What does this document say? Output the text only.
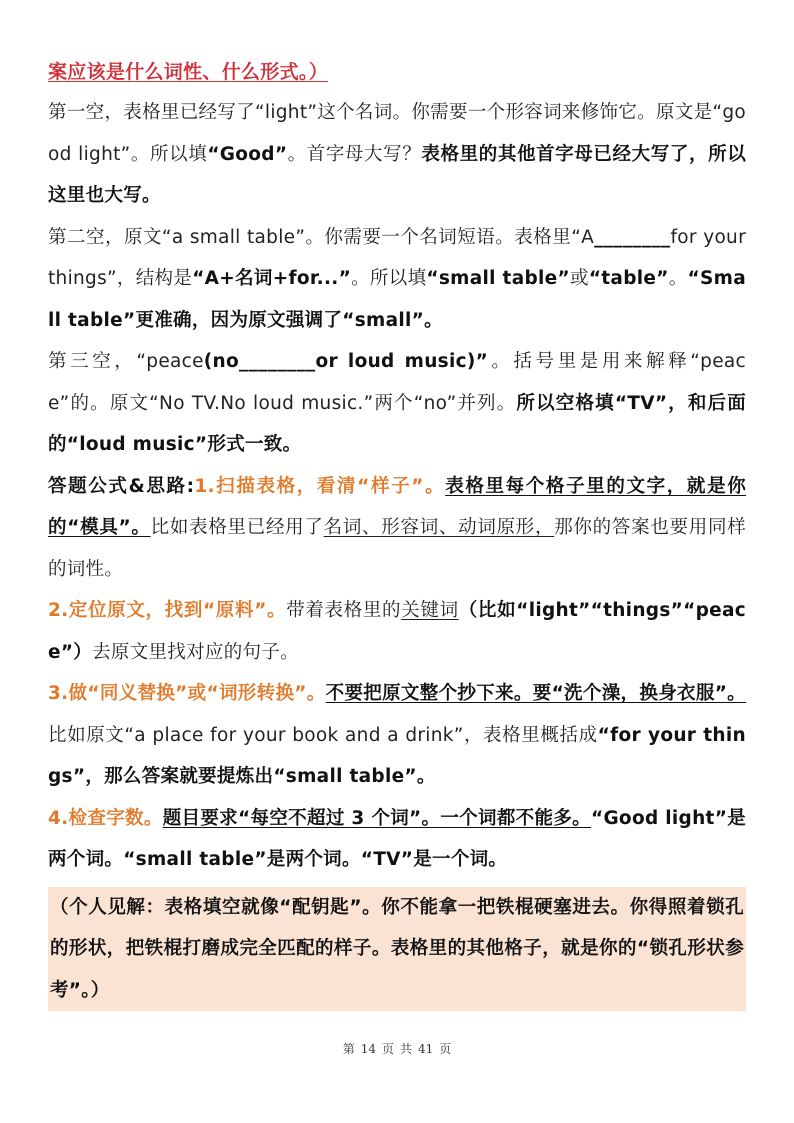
案应该是什么词性、什么形式。）

第一空，表格里已经写了“light”这个名词。你需要一个形容词来修饰它。原文是“good light”。所以填“Good”。首字母大写？表格里的其他首字母已经大写了，所以这里也大写。

第二空，原文“a small table”。你需要一个名词短语。表格里“A________for your things”，结构是“A+名词+for...”。所以填“small table”或“table”。“Small table”更准确，因为原文强调了“small”。

第三空，“peace(no________or loud music)”。括号里是用来解释“peace”的。原文“No TV.No loud music.”两个“no”并列。所以空格填“TV”，和后面的“loud music”形式一致。

答题公式&思路:1.扫描表格，看清“样子”。表格里每个格子里的文字，就是你的“模具”。比如表格里已经用了名词、形容词、动词原形，那你的答案也要用同样的词性。

2.定位原文，找到“原料”。带着表格里的关键词（比如“light”“things”“peace”）去原文里找对应的句子。

3.做“同义替换”或“词形转换”。不要把原文整个抄下来。要“洗个澡，换身衣服”。比如原文“a place for your book and a drink”，表格里概括成“for your things”，那么答案就要提炼出“small table”。

4.检查字数。题目要求“每空不超过 3 个词”。一个词都不能多。“Good light”是两个词。“small table”是两个词。“TV”是一个词。

（个人见解：表格填空就像“配钥匙”。你不能拿一把铁棍硬塞进去。你得照着锁孔的形状，把铁棍打磨成完全匹配的样子。表格里的其他格子，就是你的“锁孔形状参考”。）

第 14 页 共 41 页
